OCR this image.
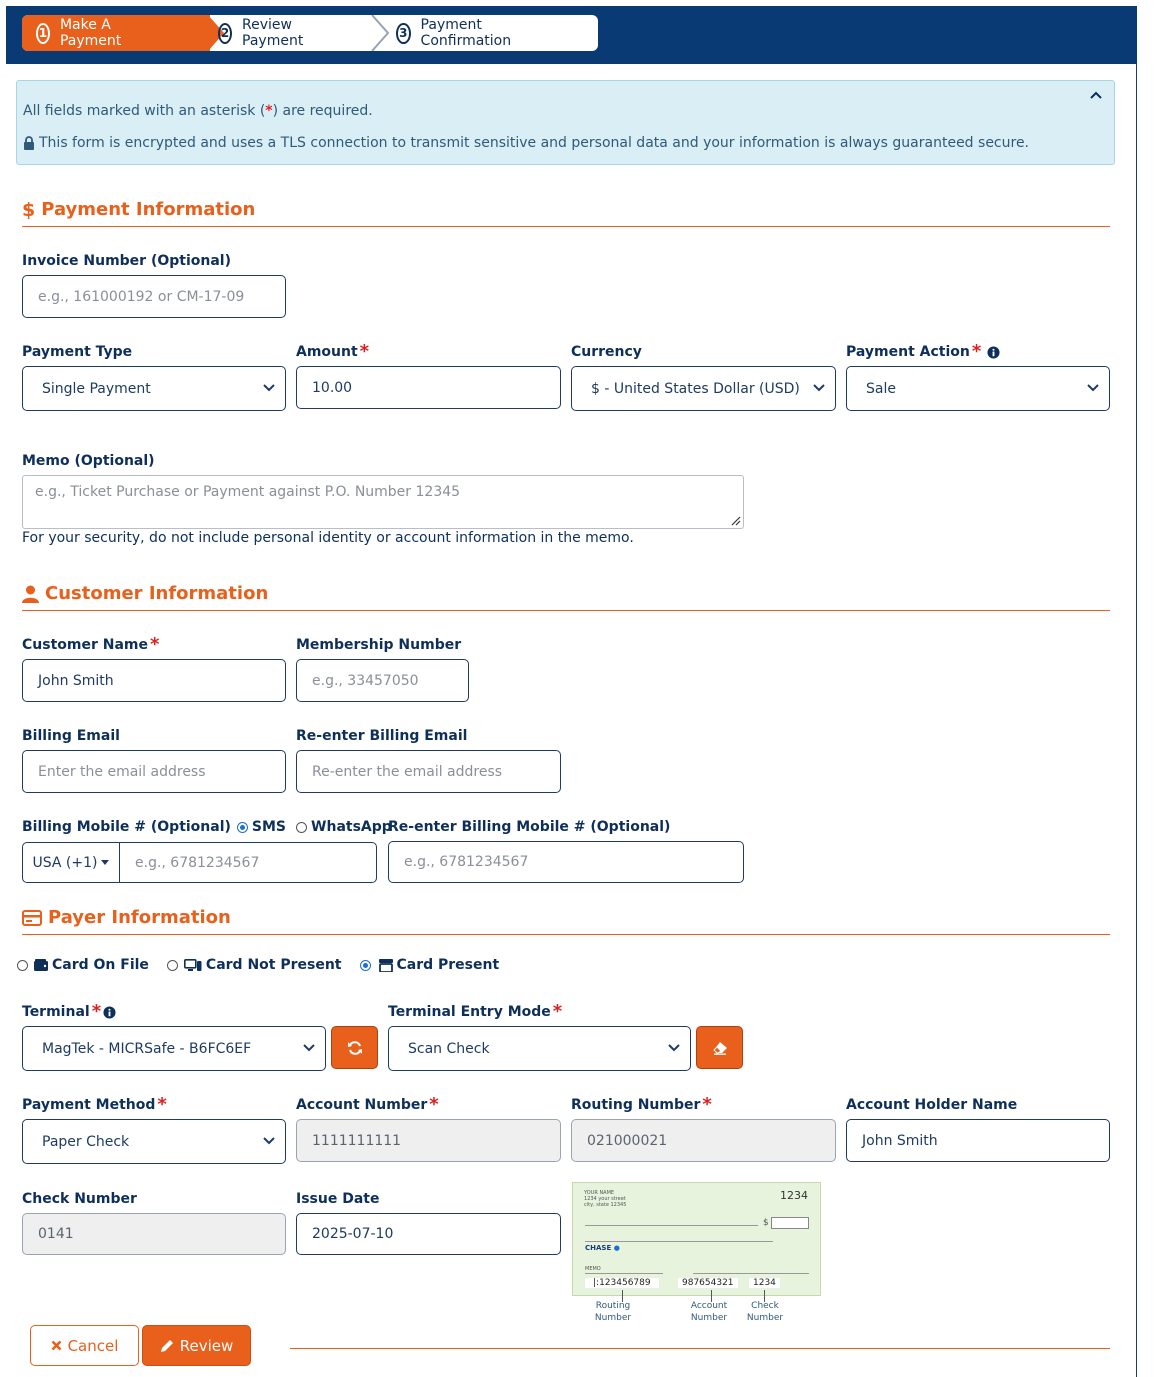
1 Make A Payment	2 Review Payment	3 Payment Confirmation
All fields marked with an asterisk (*) are required.
This form is encrypted and uses a TLS connection to transmit sensitive and personal data and your information is always guaranteed secure.
$ Payment Information
Invoice Number (Optional)
e.g., 161000192 or CM-17-09
Payment Type
Single Payment
Amount *
10.00
Currency
$ - United States Dollar (USD)
Payment Action *
Sale
Memo (Optional)
e.g., Ticket Purchase or Payment against P.O. Number 12345
For your security, do not include personal identity or account information in the memo.
Customer Information
Customer Name *
John Smith
Membership Number
e.g., 33457050
Billing Email
Enter the email address
Re-enter Billing Email
Re-enter the email address
Billing Mobile # (Optional) SMS WhatsApp
USA (+1)	e.g., 6781234567
Re-enter Billing Mobile # (Optional)
e.g., 6781234567
Payer Information
Card On File	Card Not Present	Card Present
Terminal *
MagTek - MICRSafe - B6FC6EF
Terminal Entry Mode *
Scan Check
Payment Method *
Paper Check
Account Number *
1111111111
Routing Number *
021000021
Account Holder Name
John Smith
Check Number
0141
Issue Date
2025-07-10
YOUR NAME
1234 your street
city, state 12345
1234
$
CHASE ●

MEMO
|:123456789	987654321	1234
Routing Number
Account Number
Check Number
Cancel	Review
